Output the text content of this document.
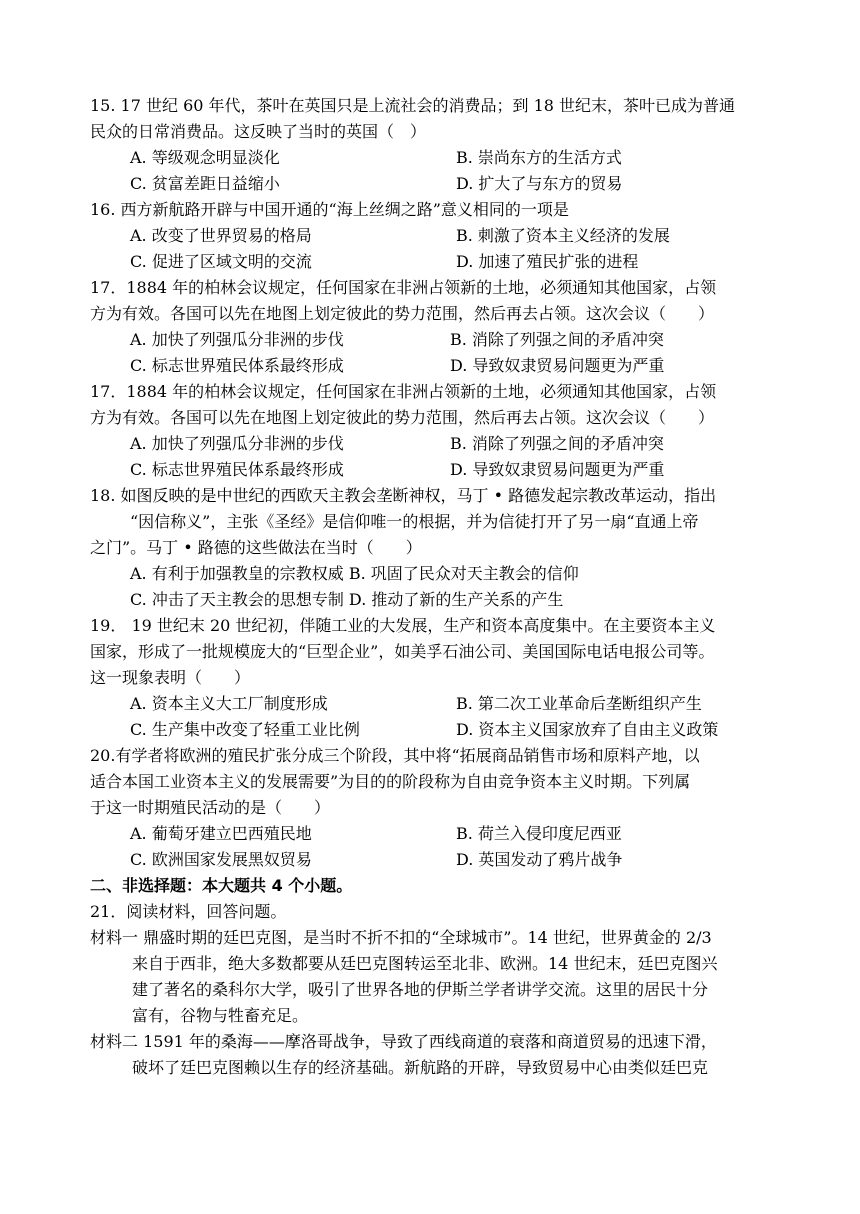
15. 17 世纪 60 年代，茶叶在英国只是上流社会的消费品；到 18 世纪末，茶叶已成为普通
民众的日常消费品。这反映了当时的英国（　）
A. 等级观念明显淡化	B. 崇尚东方的生活方式
C. 贫富差距日益缩小	D. 扩大了与东方的贸易
16. 西方新航路开辟与中国开通的“海上丝绸之路”意义相同的一项是
A. 改变了世界贸易的格局	B. 刺激了资本主义经济的发展
C. 促进了区域文明的交流	D. 加速了殖民扩张的进程
17．1884 年的柏林会议规定，任何国家在非洲占领新的土地，必须通知其他国家，占领
方为有效。各国可以先在地图上划定彼此的势力范围，然后再去占领。这次会议（　　）
A. 加快了列强瓜分非洲的步伐	B. 消除了列强之间的矛盾冲突
C. 标志世界殖民体系最终形成	D. 导致奴隶贸易问题更为严重
17．1884 年的柏林会议规定，任何国家在非洲占领新的土地，必须通知其他国家，占领
方为有效。各国可以先在地图上划定彼此的势力范围，然后再去占领。这次会议（　　）
A. 加快了列强瓜分非洲的步伐	B. 消除了列强之间的矛盾冲突
C. 标志世界殖民体系最终形成	D. 导致奴隶贸易问题更为严重
18. 如图反映的是中世纪的西欧天主教会垄断神权，马丁 • 路德发起宗教改革运动，指出
“因信称义”，主张《圣经》是信仰唯一的根据，并为信徒打开了另一扇“直通上帝
之门”。马丁 • 路德的这些做法在当时（　　）
A. 有利于加强教皇的宗教权威 B. 巩固了民众对天主教会的信仰
C. 冲击了天主教会的思想专制 D. 推动了新的生产关系的产生
19． 19 世纪末 20 世纪初，伴随工业的大发展，生产和资本高度集中。在主要资本主义
国家，形成了一批规模庞大的“巨型企业”，如美孚石油公司、美国国际电话电报公司等。
这一现象表明（　　）
A. 资本主义大工厂制度形成	B. 第二次工业革命后垄断组织产生
C. 生产集中改变了轻重工业比例	D. 资本主义国家放弃了自由主义政策
20.有学者将欧洲的殖民扩张分成三个阶段，其中将“拓展商品销售市场和原料产地，以
适合本国工业资本主义的发展需要”为目的的阶段称为自由竞争资本主义时期。下列属
于这一时期殖民活动的是（　　）
A. 葡萄牙建立巴西殖民地	B. 荷兰入侵印度尼西亚
C. 欧洲国家发展黑奴贸易	D. 英国发动了鸦片战争
二、非选择题：本大题共 4 个小题。
21．阅读材料，回答问题。
材料一 鼎盛时期的廷巴克图，是当时不折不扣的“全球城市”。14 世纪，世界黄金的 2/3
来自于西非，绝大多数都要从廷巴克图转运至北非、欧洲。14 世纪末，廷巴克图兴
建了著名的桑科尔大学，吸引了世界各地的伊斯兰学者讲学交流。这里的居民十分
富有，谷物与牲畜充足。
材料二 1591 年的桑海——摩洛哥战争，导致了西线商道的衰落和商道贸易的迅速下滑，
破坏了廷巴克图赖以生存的经济基础。新航路的开辟，导致贸易中心由类似廷巴克
